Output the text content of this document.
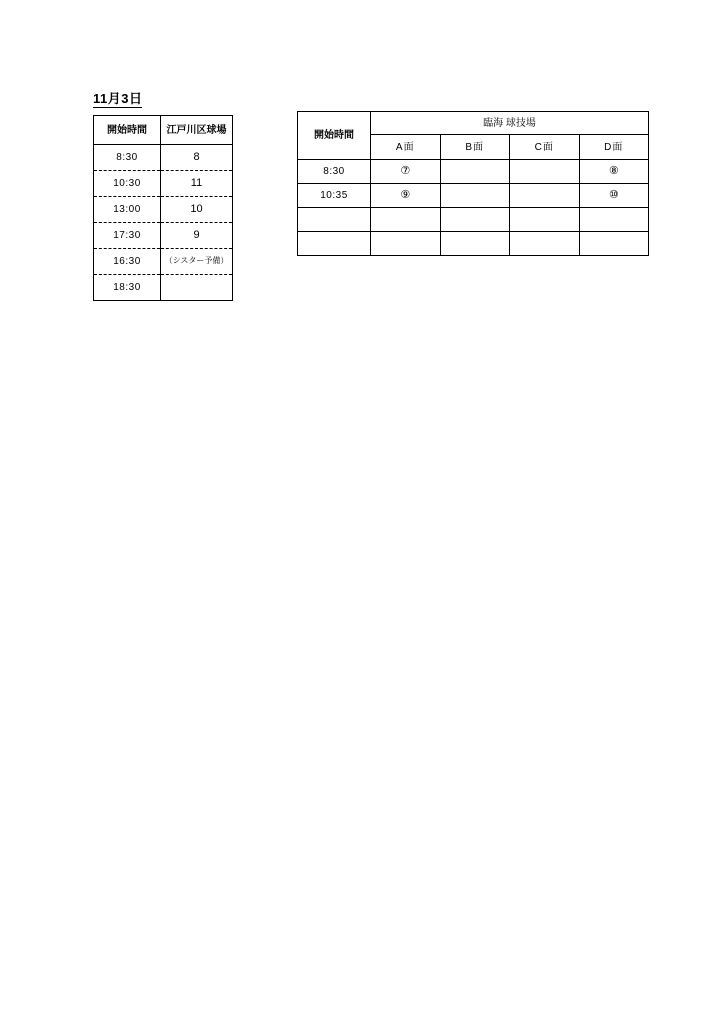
11月3日
開始時間	江戸川区球場
8:30	8
10:30	11
13:00	10
17:30	9
16:30	（シスター予備）
18:30	
開始時間	臨海 球技場			
	A面	B面	C面	D面
8:30	⑦			⑧
10:35	⑨			⑩
